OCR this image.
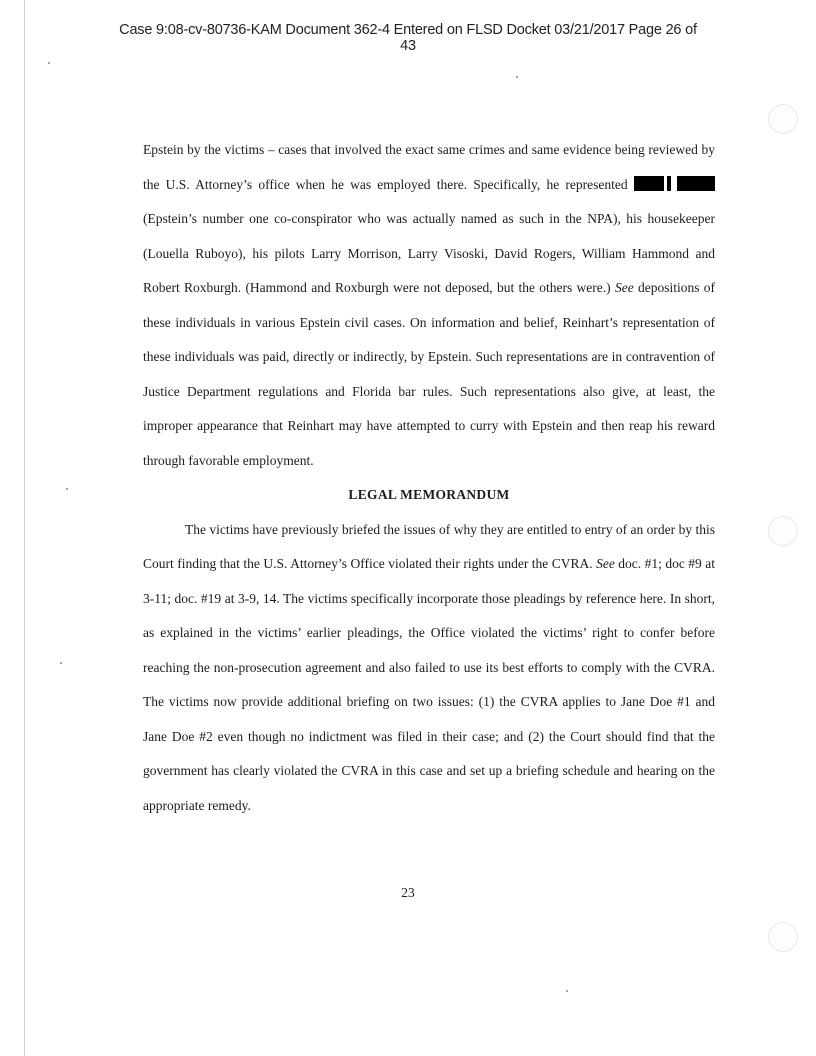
Case 9:08-cv-80736-KAM Document 362-4 Entered on FLSD Docket 03/21/2017 Page 26 of
43

Epstein by the victims – cases that involved the exact same crimes and same evidence being reviewed by the U.S. Attorney’s office when he was employed there. Specifically, he represented   (Epstein’s number one co-conspirator who was actually named as such in the NPA), his housekeeper (Louella Ruboyo), his pilots Larry Morrison, Larry Visoski, David Rogers, William Hammond and Robert Roxburgh. (Hammond and Roxburgh were not deposed, but the others were.) See depositions of these individuals in various Epstein civil cases. On information and belief, Reinhart’s representation of these individuals was paid, directly or indirectly, by Epstein. Such representations are in contravention of Justice Department regulations and Florida bar rules. Such representations also give, at least, the improper appearance that Reinhart may have attempted to curry with Epstein and then reap his reward through favorable employment.

LEGAL MEMORANDUM

The victims have previously briefed the issues of why they are entitled to entry of an order by this Court finding that the U.S. Attorney’s Office violated their rights under the CVRA. See doc. #1; doc #9 at 3-11; doc. #19 at 3-9, 14. The victims specifically incorporate those pleadings by reference here. In short, as explained in the victims’ earlier pleadings, the Office violated the victims’ right to confer before reaching the non-prosecution agreement and also failed to use its best efforts to comply with the CVRA. The victims now provide additional briefing on two issues: (1) the CVRA applies to Jane Doe #1 and Jane Doe #2 even though no indictment was filed in their case; and (2) the Court should find that the government has clearly violated the CVRA in this case and set up a briefing schedule and hearing on the appropriate remedy.

23
